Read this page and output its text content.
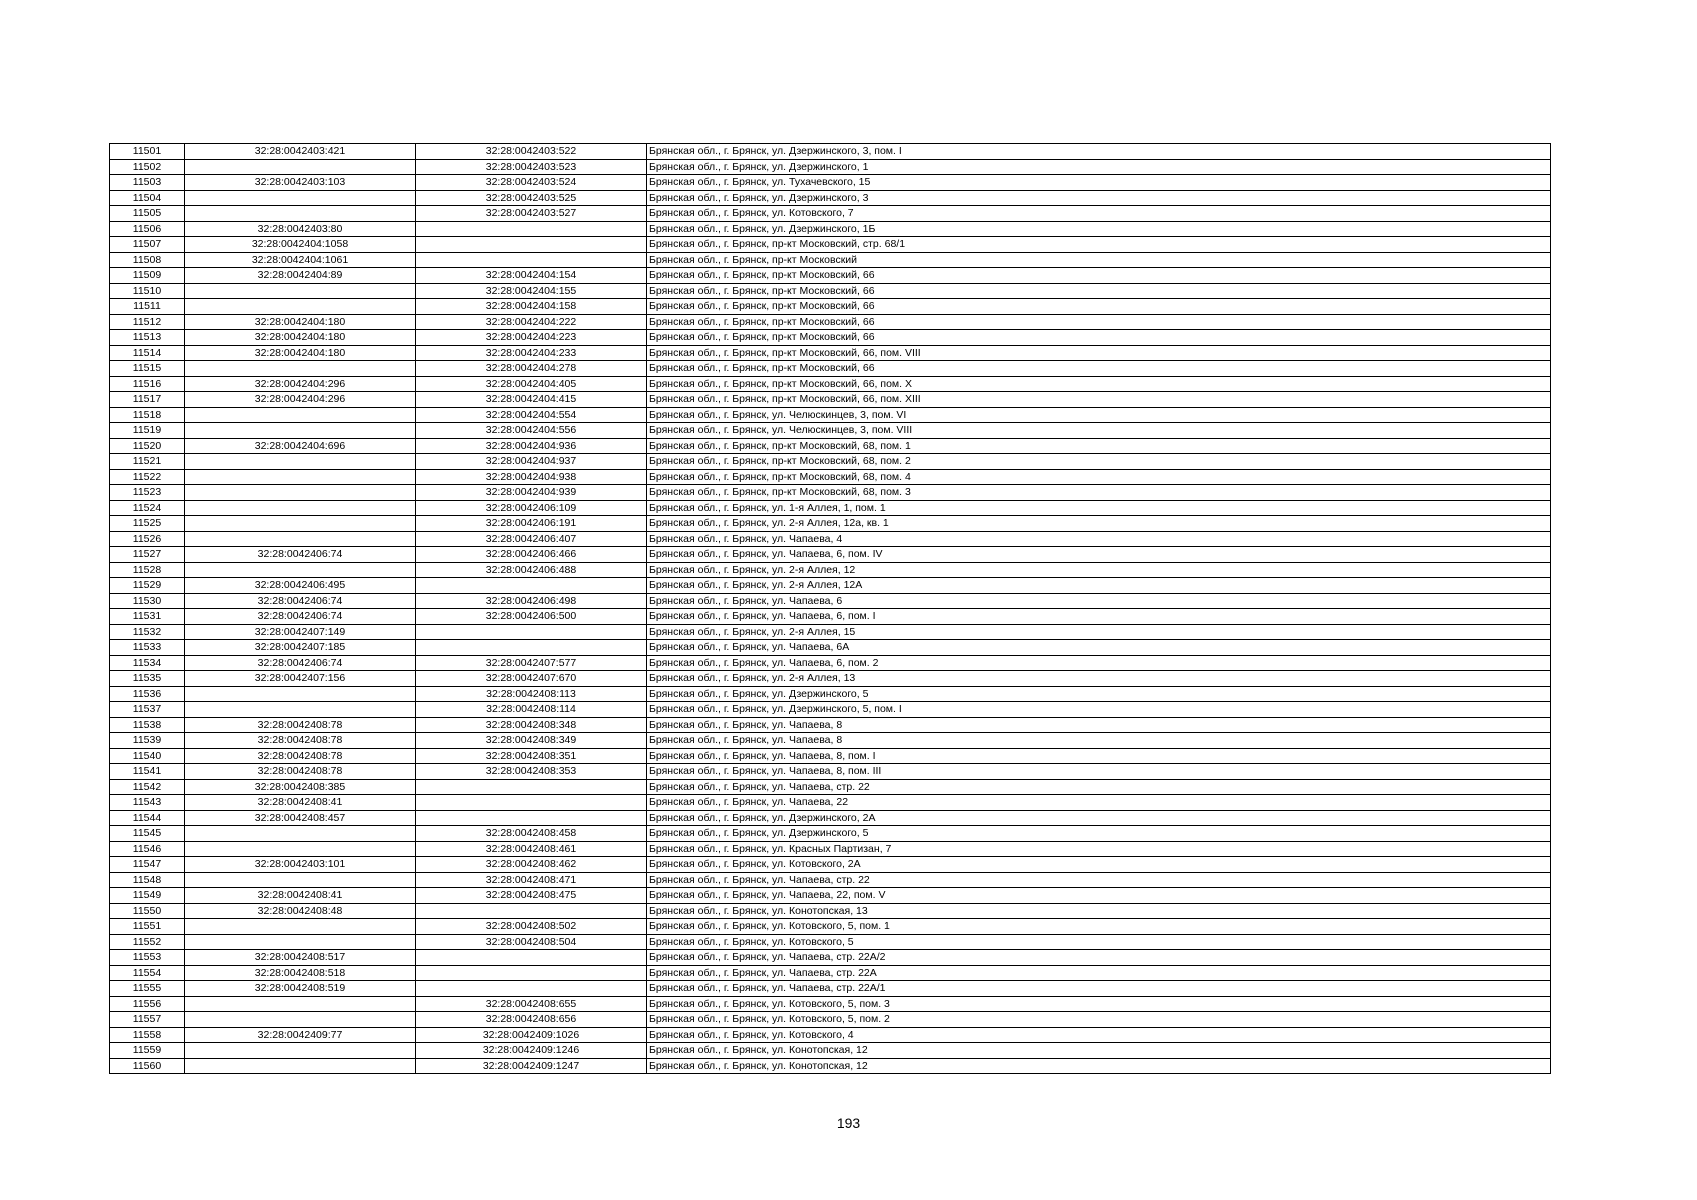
11501	32:28:0042403:421	32:28:0042403:522	Брянская обл., г. Брянск, ул. Дзержинского, 3, пом. I
11502		32:28:0042403:523	Брянская обл., г. Брянск, ул. Дзержинского, 1
11503	32:28:0042403:103	32:28:0042403:524	Брянская обл., г. Брянск, ул. Тухачевского, 15
11504		32:28:0042403:525	Брянская обл., г. Брянск, ул. Дзержинского, 3
11505		32:28:0042403:527	Брянская обл., г. Брянск, ул. Котовского, 7
11506	32:28:0042403:80		Брянская обл., г. Брянск, ул. Дзержинского, 1Б
11507	32:28:0042404:1058		Брянская обл., г. Брянск, пр-кт Московский, стр. 68/1
11508	32:28:0042404:1061		Брянская обл., г. Брянск, пр-кт Московский
11509	32:28:0042404:89	32:28:0042404:154	Брянская обл., г. Брянск, пр-кт Московский, 66
11510		32:28:0042404:155	Брянская обл., г. Брянск, пр-кт Московский, 66
11511		32:28:0042404:158	Брянская обл., г. Брянск, пр-кт Московский, 66
11512	32:28:0042404:180	32:28:0042404:222	Брянская обл., г. Брянск, пр-кт Московский, 66
11513	32:28:0042404:180	32:28:0042404:223	Брянская обл., г. Брянск, пр-кт Московский, 66
11514	32:28:0042404:180	32:28:0042404:233	Брянская обл., г. Брянск, пр-кт Московский, 66, пом. VIII
11515		32:28:0042404:278	Брянская обл., г. Брянск, пр-кт Московский, 66
11516	32:28:0042404:296	32:28:0042404:405	Брянская обл., г. Брянск, пр-кт Московский, 66, пом. X
11517	32:28:0042404:296	32:28:0042404:415	Брянская обл., г. Брянск, пр-кт Московский, 66, пом. XIII
11518		32:28:0042404:554	Брянская обл., г. Брянск, ул. Челюскинцев, 3, пом. VI
11519		32:28:0042404:556	Брянская обл., г. Брянск, ул. Челюскинцев, 3, пом. VIII
11520	32:28:0042404:696	32:28:0042404:936	Брянская обл., г. Брянск, пр-кт Московский, 68, пом. 1
11521		32:28:0042404:937	Брянская обл., г. Брянск, пр-кт Московский, 68, пом. 2
11522		32:28:0042404:938	Брянская обл., г. Брянск, пр-кт Московский, 68, пом. 4
11523		32:28:0042404:939	Брянская обл., г. Брянск, пр-кт Московский, 68, пом. 3
11524		32:28:0042406:109	Брянская обл., г. Брянск, ул. 1-я Аллея, 1, пом. 1
11525		32:28:0042406:191	Брянская обл., г. Брянск, ул. 2-я Аллея, 12а, кв. 1
11526		32:28:0042406:407	Брянская обл., г. Брянск, ул. Чапаева, 4
11527	32:28:0042406:74	32:28:0042406:466	Брянская обл., г. Брянск, ул. Чапаева, 6, пом. IV
11528		32:28:0042406:488	Брянская обл., г. Брянск, ул. 2-я Аллея, 12
11529	32:28:0042406:495		Брянская обл., г. Брянск, ул. 2-я Аллея, 12А
11530	32:28:0042406:74	32:28:0042406:498	Брянская обл., г. Брянск, ул. Чапаева, 6
11531	32:28:0042406:74	32:28:0042406:500	Брянская обл., г. Брянск, ул. Чапаева, 6, пом. I
11532	32:28:0042407:149		Брянская обл., г. Брянск, ул. 2-я Аллея, 15
11533	32:28:0042407:185		Брянская обл., г. Брянск, ул. Чапаева, 6А
11534	32:28:0042406:74	32:28:0042407:577	Брянская обл., г. Брянск, ул. Чапаева, 6, пом. 2
11535	32:28:0042407:156	32:28:0042407:670	Брянская обл., г. Брянск, ул. 2-я Аллея, 13
11536		32:28:0042408:113	Брянская обл., г. Брянск, ул. Дзержинского, 5
11537		32:28:0042408:114	Брянская обл., г. Брянск, ул. Дзержинского, 5, пом. I
11538	32:28:0042408:78	32:28:0042408:348	Брянская обл., г. Брянск, ул. Чапаева, 8
11539	32:28:0042408:78	32:28:0042408:349	Брянская обл., г. Брянск, ул. Чапаева, 8
11540	32:28:0042408:78	32:28:0042408:351	Брянская обл., г. Брянск, ул. Чапаева, 8, пом. I
11541	32:28:0042408:78	32:28:0042408:353	Брянская обл., г. Брянск, ул. Чапаева, 8, пом. III
11542	32:28:0042408:385		Брянская обл., г. Брянск, ул. Чапаева, стр. 22
11543	32:28:0042408:41		Брянская обл., г. Брянск, ул. Чапаева, 22
11544	32:28:0042408:457		Брянская обл., г. Брянск, ул. Дзержинского, 2А
11545		32:28:0042408:458	Брянская обл., г. Брянск, ул. Дзержинского, 5
11546		32:28:0042408:461	Брянская обл., г. Брянск, ул. Красных Партизан, 7
11547	32:28:0042403:101	32:28:0042408:462	Брянская обл., г. Брянск, ул. Котовского, 2А
11548		32:28:0042408:471	Брянская обл., г. Брянск, ул. Чапаева, стр. 22
11549	32:28:0042408:41	32:28:0042408:475	Брянская обл., г. Брянск, ул. Чапаева, 22, пом. V
11550	32:28:0042408:48		Брянская обл., г. Брянск, ул. Конотопская, 13
11551		32:28:0042408:502	Брянская обл., г. Брянск, ул. Котовского, 5, пом. 1
11552		32:28:0042408:504	Брянская обл., г. Брянск, ул. Котовского, 5
11553	32:28:0042408:517		Брянская обл., г. Брянск, ул. Чапаева, стр. 22А/2
11554	32:28:0042408:518		Брянская обл., г. Брянск, ул. Чапаева, стр. 22А
11555	32:28:0042408:519		Брянская обл., г. Брянск, ул. Чапаева, стр. 22А/1
11556		32:28:0042408:655	Брянская обл., г. Брянск, ул. Котовского, 5, пом. 3
11557		32:28:0042408:656	Брянская обл., г. Брянск, ул. Котовского, 5, пом. 2
11558	32:28:0042409:77	32:28:0042409:1026	Брянская обл., г. Брянск, ул. Котовского, 4
11559		32:28:0042409:1246	Брянская обл., г. Брянск, ул. Конотопская, 12
11560		32:28:0042409:1247	Брянская обл., г. Брянск, ул. Конотопская, 12
193
